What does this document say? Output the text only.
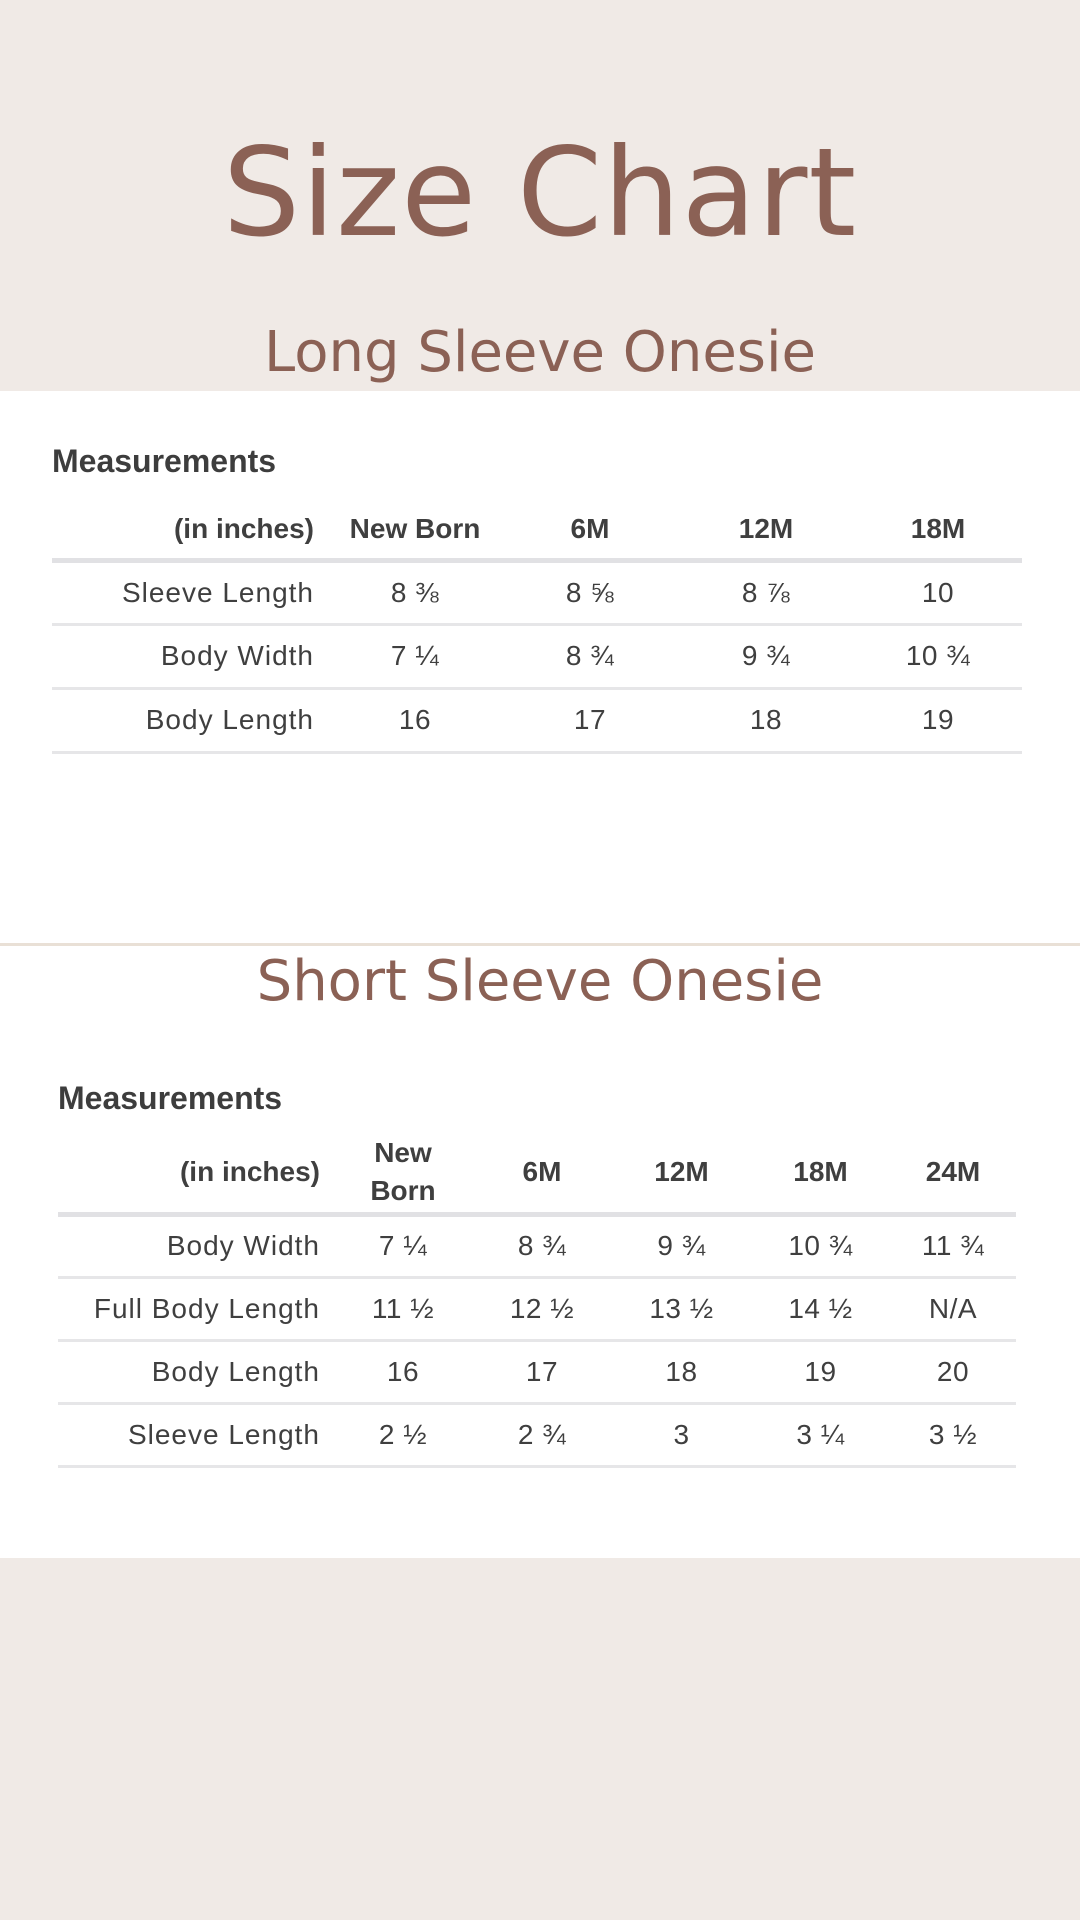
Size Chart
Long Sleeve Onesie
Measurements
(in inches)	New Born	6M	12M	18M
Sleeve Length	8 ⅜	8 ⅝	8 ⅞	10
Body Width	7 ¼	8 ¾	9 ¾	10 ¾
Body Length	16	17	18	19
Short Sleeve Onesie
Measurements
(in inches)	New Born	6M	12M	18M	24M
Body Width	7 ¼	8 ¾	9 ¾	10 ¾	11 ¾
Full Body Length	11 ½	12 ½	13 ½	14 ½	N/A
Body Length	16	17	18	19	20
Sleeve Length	2 ½	2 ¾	3	3 ¼	3 ½
